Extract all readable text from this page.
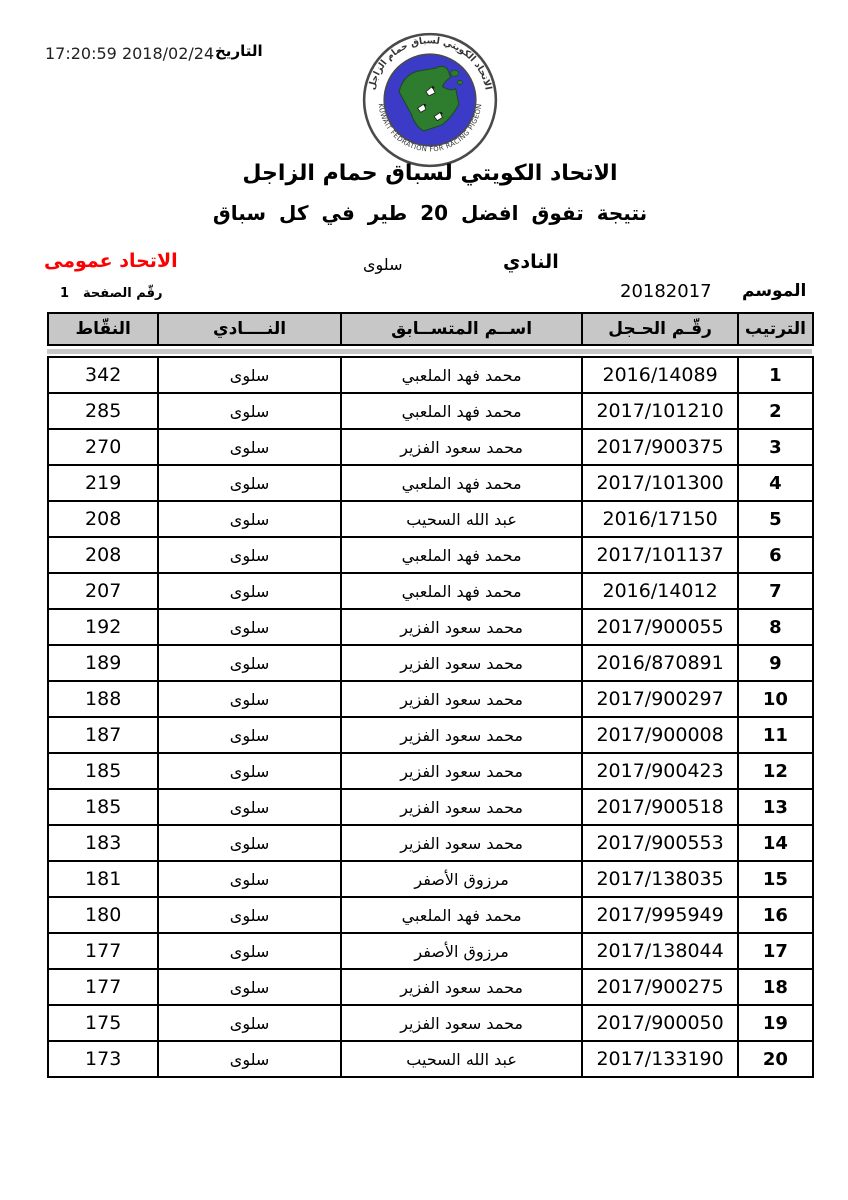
17:20:59 2018/02/24 التاريخ
الاتحاد الكويتي لسباق حمام الزاجل
KUWAIT FEDRATION FOR RACING PIGEON
الاتحاد الكويتي لسباق حمام الزاجل
نتيجة تفوق افضل 20 طير في كل سباق
النادي
سلوى
الاتحاد عمومى
الموسم
20182017
رقّم الصفحة
1
الترتيب	رقّـم الحـجل	اســم المتســابق	النــــادي	النقّاط
1	2016/14089	محمد فهد الملعبي	سلوى	342
2	2017/101210	محمد فهد الملعبي	سلوى	285
3	2017/900375	محمد سعود الفزير	سلوى	270
4	2017/101300	محمد فهد الملعبي	سلوى	219
5	2016/17150	عبد الله السحيب	سلوى	208
6	2017/101137	محمد فهد الملعبي	سلوى	208
7	2016/14012	محمد فهد الملعبي	سلوى	207
8	2017/900055	محمد سعود الفزير	سلوى	192
9	2016/870891	محمد سعود الفزير	سلوى	189
10	2017/900297	محمد سعود الفزير	سلوى	188
11	2017/900008	محمد سعود الفزير	سلوى	187
12	2017/900423	محمد سعود الفزير	سلوى	185
13	2017/900518	محمد سعود الفزير	سلوى	185
14	2017/900553	محمد سعود الفزير	سلوى	183
15	2017/138035	مرزوق الأصفر	سلوى	181
16	2017/995949	محمد فهد الملعبي	سلوى	180
17	2017/138044	مرزوق الأصفر	سلوى	177
18	2017/900275	محمد سعود الفزير	سلوى	177
19	2017/900050	محمد سعود الفزير	سلوى	175
20	2017/133190	عبد الله السحيب	سلوى	173
